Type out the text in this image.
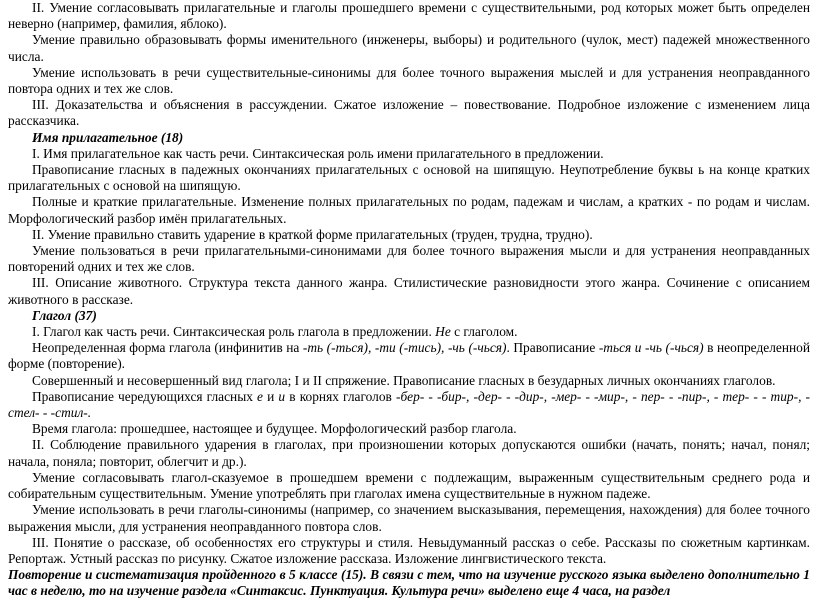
II. Умение согласовывать прилагательные и глаголы прошедшего времени с существительными, род которых может быть определен неверно (например, фамилия, яблоко).

Умение правильно образовывать формы именительного (инженеры, выборы) и родительного (чулок, мест) падежей множественного числа.

Умение использовать в речи существительные-синонимы для более точного выражения мыслей и для устранения неоправданного повтора одних и тех же слов.

III. Доказательства и объяснения в рассуждении. Сжатое изложение – повествование. Подробное изложение с изменением лица рассказчика.

Имя прилагательное (18)

I. Имя прилагательное как часть речи. Синтаксическая роль имени прилагательного в предложении.

Правописание гласных в падежных окончаниях прилагательных с основой на шипящую. Неупотребление буквы ь на конце кратких прилагательных с основой на шипящую.

Полные и краткие прилагательные. Изменение полных прилагательных по родам, падежам и числам, а кратких - по родам и числам. Морфологический разбор имён прилагательных.

II. Умение правильно ставить ударение в краткой форме прилагательных (труден, трудна, трудно).

Умение пользоваться в речи прилагательными-синонимами для более точного выражения мысли и для устранения неоправданных повторений одних и тех же слов.

III. Описание животного. Структура текста данного жанра. Стилистические разновидности этого жанра. Сочинение с описанием животного в рассказе.

Глагол (37)

I. Глагол как часть речи. Синтаксическая роль глагола в предложении. Не с глаголом.

Неопределенная форма глагола (инфинитив на -ть (-ться), -ти (-тись), -чь (-чься). Правописание -ться и -чь (-чься) в неопределенной форме (повторение).

Совершенный и несовершенный вид глагола; I и II спряжение. Правописание гласных в безударных личных окончаниях глаголов.

Правописание чередующихся гласных е и и в корнях глаголов -бер- - -бир-, -дер- - -дир-, -мер- - -мир-, - пер- - -пир-, - тер- - - тир-, - стел- - -стил-.

Время глагола: прошедшее, настоящее и будущее. Морфологический разбор глагола.

II. Соблюдение правильного ударения в глаголах, при произношении которых допускаются ошибки (начать, понять; начал, понял; начала, поняла; повторит, облегчит и др.).

Умение согласовывать глагол-сказуемое в прошедшем времени с подлежащим, выраженным существительным среднего рода и собирательным существительным. Умение употреблять при глаголах имена существительные в нужном падеже.

Умение использовать в речи глаголы-синонимы (например, со значением высказывания, перемещения, нахождения) для более точного выражения мысли, для устранения неоправданного повтора слов.

III. Понятие о рассказе, об особенностях его структуры и стиля. Невыдуманный рассказ о себе. Рассказы по сюжетным картинкам. Репортаж. Устный рассказ по рисунку. Сжатое изложение рассказа. Изложение лингвистического текста.

Повторение и систематизация пройденного в 5 классе (15). В связи с тем, что на изучение русского языка выделено дополнительно 1 час в неделю, то на изучение раздела «Синтаксис. Пунктуация. Культура речи» выделено еще 4 часа, на раздел
